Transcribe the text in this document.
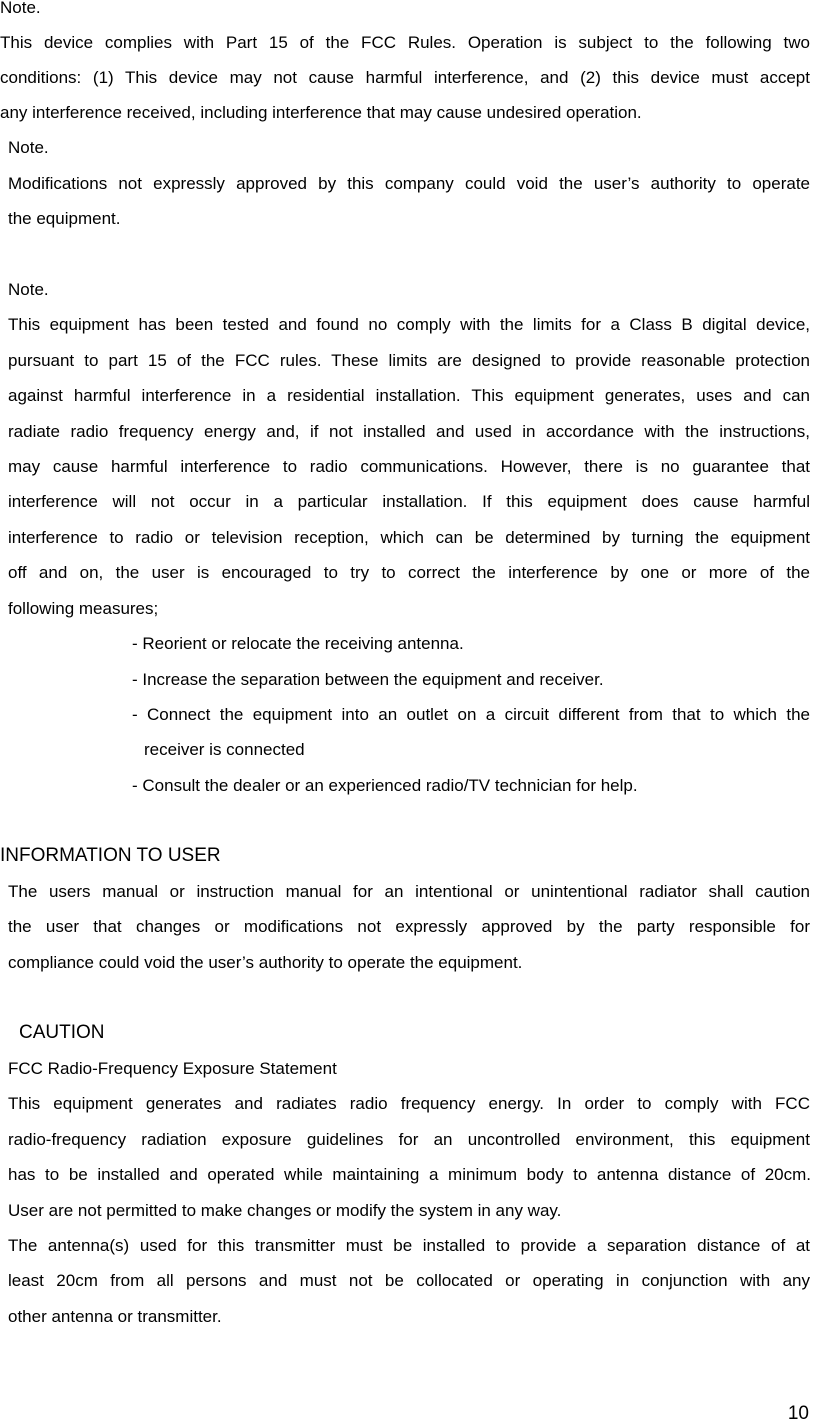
Note.
This device complies with Part 15 of the FCC Rules. Operation is subject to the following two
conditions: (1) This device may not cause harmful interference, and (2) this device must accept
any interference received, including interference that may cause undesired operation.
Note.
Modifications not expressly approved by this company could void the user’s authority to operate
the equipment.
Note.
This equipment has been tested and found no comply with the limits for a Class B digital device,
pursuant to part 15 of the FCC rules. These limits are designed to provide reasonable protection
against harmful interference in a residential installation. This equipment generates, uses and can
radiate radio frequency energy and, if not installed and used in accordance with the instructions,
may cause harmful interference to radio communications. However, there is no guarantee that
interference will not occur in a particular installation. If this equipment does cause harmful
interference to radio or television reception, which can be determined by turning the equipment
off and on, the user is encouraged to try to correct the interference by one or more of the
following measures;
- Reorient or relocate the receiving antenna.
- Increase the separation between the equipment and receiver.
- Connect the equipment into an outlet on a circuit different from that to which the
receiver is connected
- Consult the dealer or an experienced radio/TV technician for help.
INFORMATION TO USER
The users manual or instruction manual for an intentional or unintentional radiator shall caution
the user that changes or modifications not expressly approved by the party responsible for
compliance could void the user’s authority to operate the equipment.
CAUTION
FCC Radio-Frequency Exposure Statement
This equipment generates and radiates radio frequency energy. In order to comply with FCC
radio-frequency radiation exposure guidelines for an uncontrolled environment, this equipment
has to be installed and operated while maintaining a minimum body to antenna distance of 20cm.
User are not permitted to make changes or modify the system in any way.
The antenna(s) used for this transmitter must be installed to provide a separation distance of at
least 20cm from all persons and must not be collocated or operating in conjunction with any
other antenna or transmitter.
10
